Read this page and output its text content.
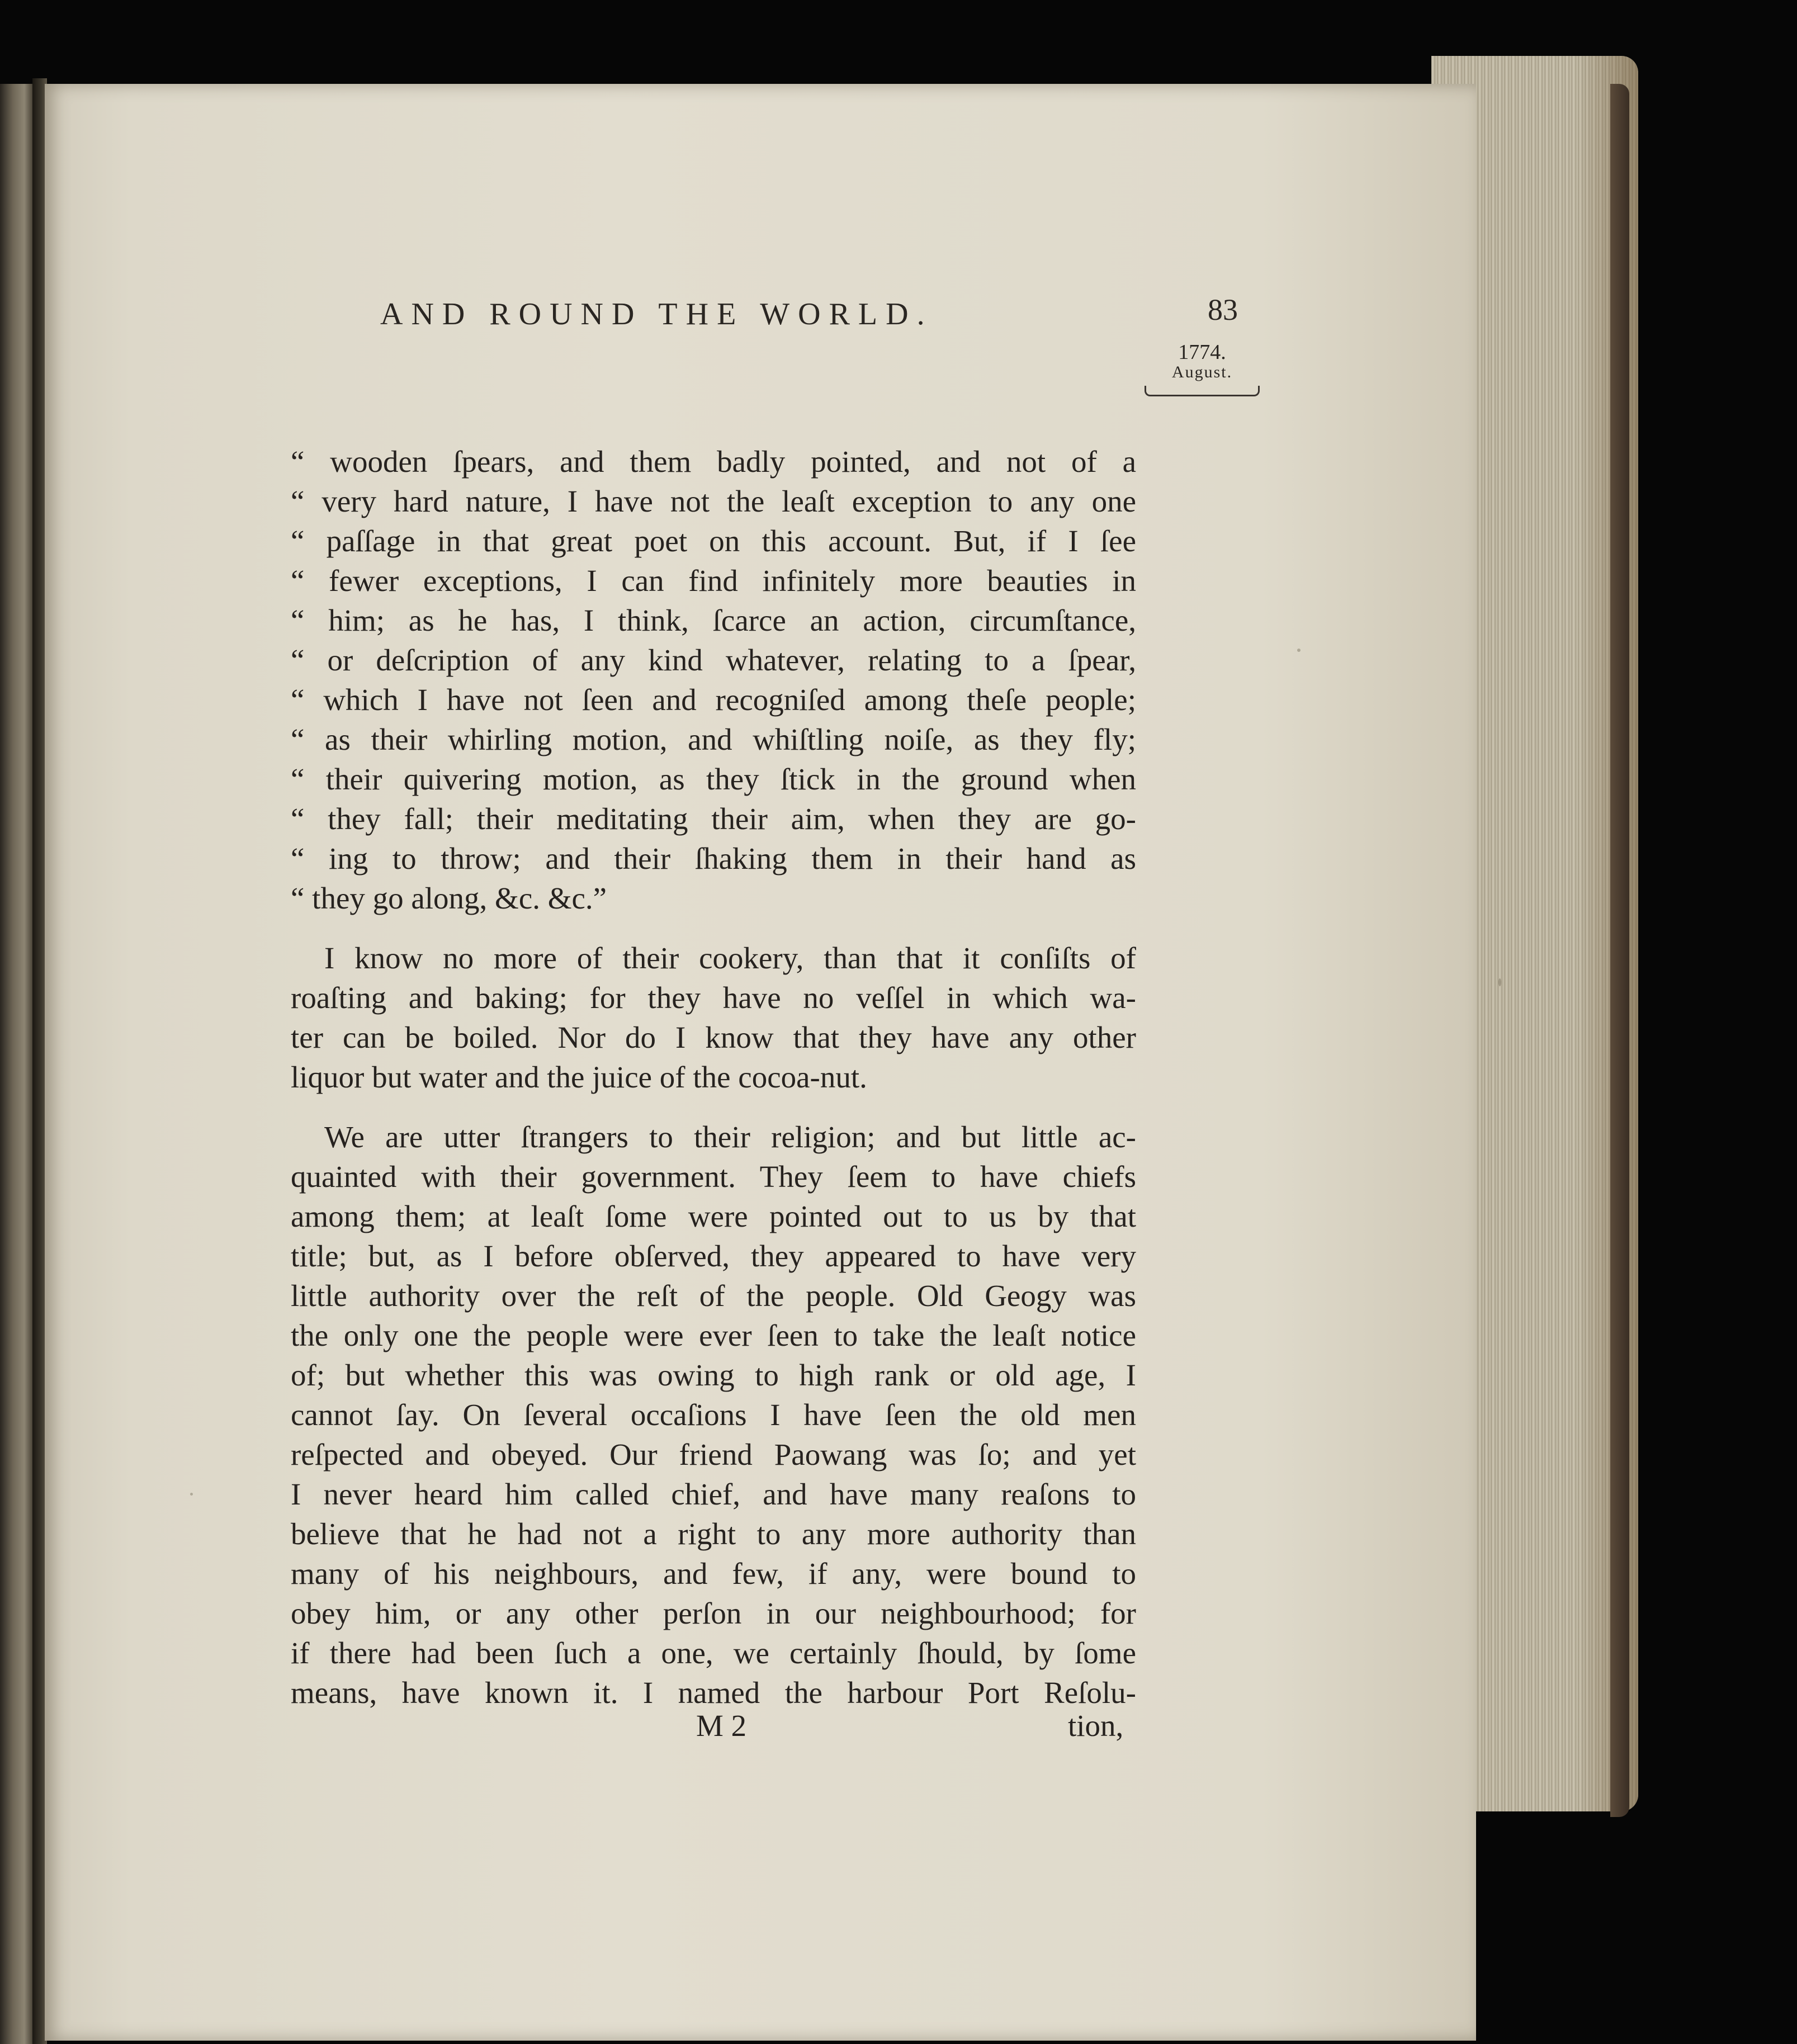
AND ROUND THE WORLD.	83
1774.
August.
“ wooden ſpears, and them badly pointed, and not of a
“ very hard nature, I have not the leaſt exception to any one
“ paſſage in that great poet on this account. But, if I ſee
“ fewer exceptions, I can find infinitely more beauties in
“ him; as he has, I think, ſcarce an action, circumſtance,
“ or deſcription of any kind whatever, relating to a ſpear,
“ which I have not ſeen and recogniſed among theſe people;
“ as their whirling motion, and whiſtling noiſe, as they fly;
“ their quivering motion, as they ſtick in the ground when
“ they fall; their meditating their aim, when they are go-
“ ing to throw; and their ſhaking them in their hand as
“ they go along, &c. &c.”
I know no more of their cookery, than that it conſiſts of
roaſting and baking; for they have no veſſel in which wa-
ter can be boiled. Nor do I know that they have any other
liquor but water and the juice of the cocoa-nut.
We are utter ſtrangers to their religion; and but little ac-
quainted with their government. They ſeem to have chiefs
among them; at leaſt ſome were pointed out to us by that
title; but, as I before obſerved, they appeared to have very
little authority over the reſt of the people. Old Geogy was
the only one the people were ever ſeen to take the leaſt notice
of; but whether this was owing to high rank or old age, I
cannot ſay. On ſeveral occaſions I have ſeen the old men
reſpected and obeyed. Our friend Paowang was ſo; and yet
I never heard him called chief, and have many reaſons to
believe that he had not a right to any more authority than
many of his neighbours, and few, if any, were bound to
obey him, or any other perſon in our neighbourhood; for
if there had been ſuch a one, we certainly ſhould, by ſome
means, have known it. I named the harbour Port Reſolu-
M 2	tion,
